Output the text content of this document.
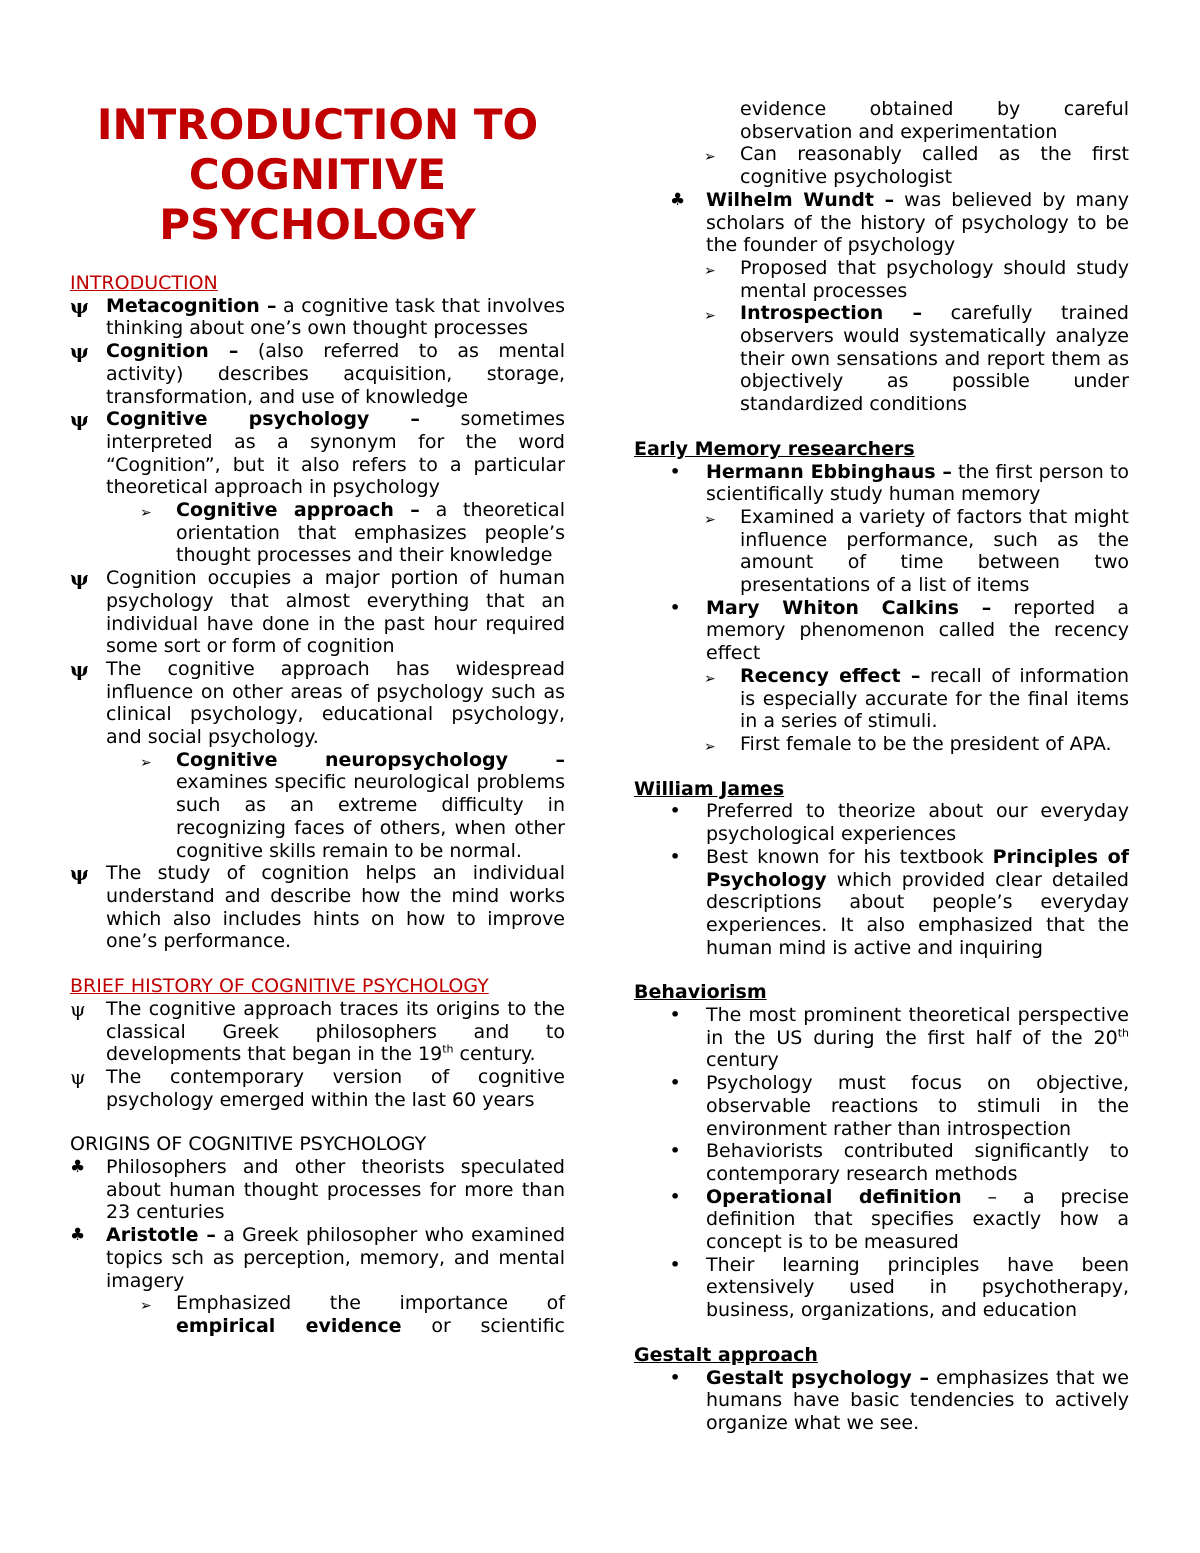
INTRODUCTION TO COGNITIVE PSYCHOLOGY

INTRODUCTION

ψ Metacognition – a cognitive task that involves thinking about one’s own thought processes

ψ Cognition – (also referred to as mental activity) describes acquisition, storage, transformation, and use of knowledge

ψ Cognitive psychology – sometimes interpreted as a synonym for the word “Cognition”, but it also refers to a particular theoretical approach in psychology

➢	Cognitive approach – a theoretical orientation that emphasizes people’s thought processes and their knowledge

ψ Cognition occupies a major portion of human psychology that almost everything that an individual have done in the past hour required some sort or form of cognition

ψ The cognitive approach has widespread influence on other areas of psychology such as clinical psychology, educational psychology, and social psychology.

➢	Cognitive neuropsychology – examines specific neurological problems such as an extreme difficulty in recognizing faces of others, when other cognitive skills remain to be normal.

ψ The study of cognition helps an individual understand and describe how the mind works which also includes hints on how to improve one’s performance.

BRIEF HISTORY OF COGNITIVE PSYCHOLOGY

ψ	The cognitive approach traces its origins to the classical Greek philosophers and to developments that began in the 19th century.

ψ	The contemporary version of cognitive psychology emerged within the last 60 years

ORIGINS OF COGNITIVE PSYCHOLOGY

♣	Philosophers and other theorists speculated about human thought processes for more than 23 centuries

♣	Aristotle – a Greek philosopher who examined topics sch as perception, memory, and mental imagery

➢	Emphasized the importance of empirical evidence or scientific

evidence obtained by careful observation and experimentation

➢	Can reasonably called as the first cognitive psychologist

♣	Wilhelm Wundt – was believed by many scholars of the history of psychology to be the founder of psychology

➢	Proposed that psychology should study mental processes

➢	Introspection – carefully trained observers would systematically analyze their own sensations and report them as objectively as possible under standardized conditions

Early Memory researchers

•	Hermann Ebbinghaus – the first person to scientifically study human memory

➢	Examined a variety of factors that might influence performance, such as the amount of time between two presentations of a list of items

•	Mary Whiton Calkins – reported a memory phenomenon called the recency effect

➢	Recency effect – recall of information is especially accurate for the final items in a series of stimuli.

➢	First female to be the president of APA.

William James

•	Preferred to theorize about our everyday psychological experiences

•	Best known for his textbook Principles of Psychology which provided clear detailed descriptions about people’s everyday experiences. It also emphasized that the human mind is active and inquiring

Behaviorism

•	The most prominent theoretical perspective in the US during the first half of the 20th century

•	Psychology must focus on objective, observable reactions to stimuli in the environment rather than introspection

•	Behaviorists contributed significantly to contemporary research methods

•	Operational definition – a precise definition that specifies exactly how a concept is to be measured

•	Their learning principles have been extensively used in psychotherapy, business, organizations, and education

Gestalt approach

•	Gestalt psychology – emphasizes that we humans have basic tendencies to actively organize what we see.
